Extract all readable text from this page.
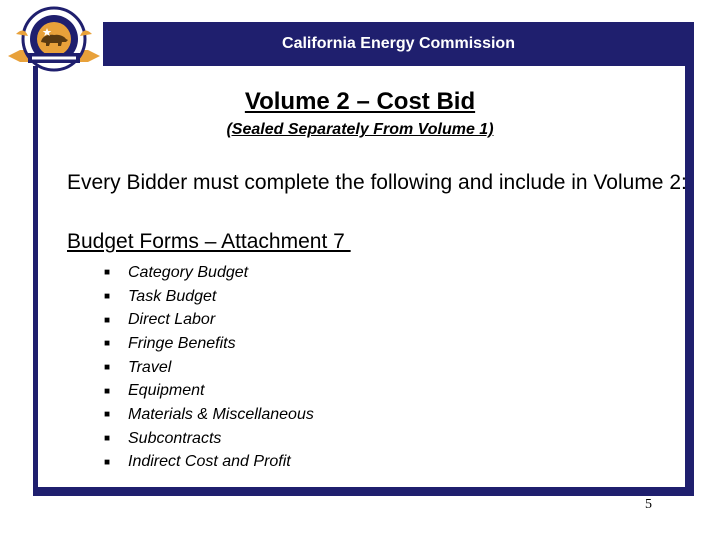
California Energy Commission
Volume 2 – Cost Bid
(Sealed Separately From Volume 1)
Every Bidder must complete the following and include in Volume 2:
Budget Forms – Attachment 7
■	Category Budget
■	Task Budget
■	Direct Labor
■	Fringe Benefits
■	Travel
■	Equipment
■	Materials & Miscellaneous
■	Subcontracts
■	Indirect Cost and Profit
5
